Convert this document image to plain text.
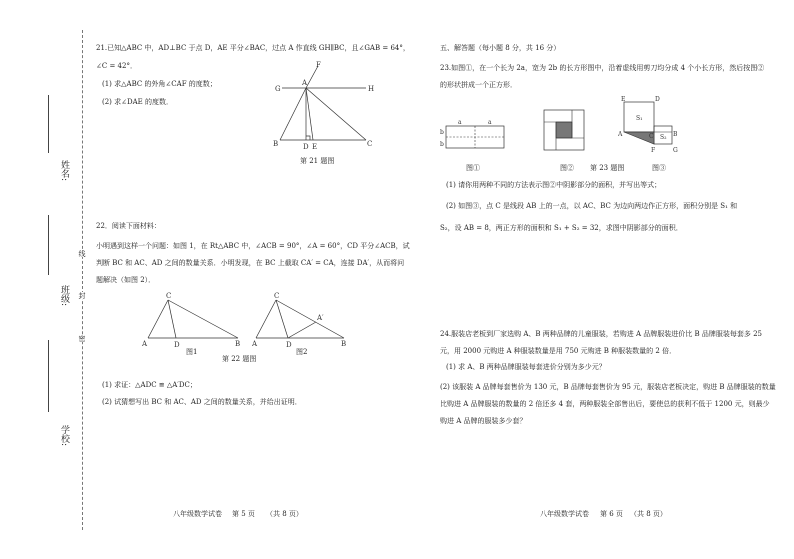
姓名:
班级:
学校:
线
封
密
21.已知△ABC 中，AD⊥BC 于点 D，AE 平分∠BAC，过点 A 作直线 GH∥BC，且∠GAB = 64°，
∠C = 42°．
(1) 求△ABC 的外角∠CAF 的度数；
(2) 求∠DAE 的度数．
F
G
A
H
B	D E	C
第 21 题图
22．阅读下面材料：
小明遇到这样一个问题：如图 1，在 Rt△ABC 中，∠ACB = 90°，∠A = 60°，CD 平分∠ACB，试判断 BC 和 AC、AD 之间的数量关系．小明发现，在 BC 上截取 CA′ = CA，连接 DA′，从而将问题解决（如图 2）．
C
A	D	B
图1
C
A	D	B
A′
图2
第 22 题图
(1) 求证：△ADC ≌ △A′DC；
(2) 试猜想写出 BC 和 AC、AD 之间的数量关系，并给出证明．
八年级数学试卷 第 5 页 （共 8 页）
五、解答题（每小题 8 分，共 16 分）
23.如图①，在一个长为 2a，宽为 2b 的长方形图中，沿着虚线用剪刀均分成 4 个小长方形，然后按图②的形状拼成一个正方形．
a	a
b
b
图①	图②
E
S₁
S₂
A	B
C
D
F	G
图③
第 23 题图
(1) 请你用两种不同的方法表示图②中阴影部分的面积，并写出等式；
(2) 如图③，点 C 是线段 AB 上的一点，以 AC、BC 为边向两边作正方形，面积分别是 S₁ 和
S₂，设 AB = 8，两正方形的面积和 S₁ + S₂ = 32，求图中阴影部分的面积．
24.服装店老板到厂家选购 A、B 两种品牌的儿童服装，若购进 A 品牌服装进价比 B 品牌服装每套多 25 元，用 2000 元购进 A 种服装数量是用 750 元购进 B 种服装数量的 2 倍．
(1) 求 A、B 两种品牌服装每套进价分别为多少元？
(2) 该服装 A 品牌每套售价为 130 元，B 品牌每套售价为 95 元，服装店老板决定，购进 B 品牌服装的数量比购进 A 品牌服装的数量的 2 倍还多 4 套，两种服装全部售出后，要使总的获利不低于 1200 元，则最少购进 A 品牌的服装多少套？
八年级数学试卷 第 6 页 （共 8 页）
